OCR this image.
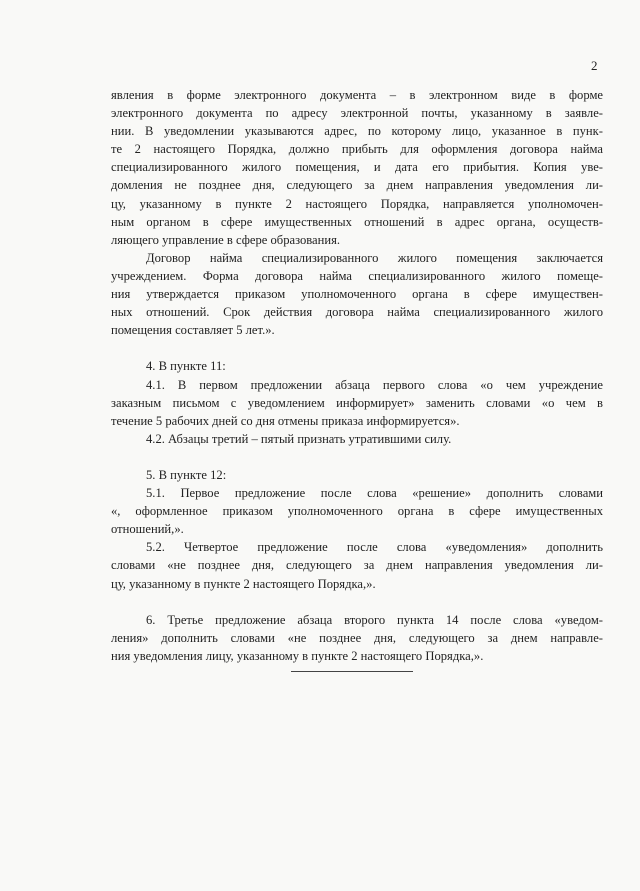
2
явления в форме электронного документа – в электронном виде в форме
электронного документа по адресу электронной почты, указанному в заявле-
нии. В уведомлении указываются адрес, по которому лицо, указанное в пунк-
те 2 настоящего Порядка, должно прибыть для оформления договора найма
специализированного жилого помещения, и дата его прибытия. Копия уве-
домления не позднее дня, следующего за днем направления уведомления ли-
цу, указанному в пункте 2 настоящего Порядка, направляется уполномочен-
ным органом в сфере имущественных отношений в адрес органа, осуществ-
ляющего управление в сфере образования.
Договор найма специализированного жилого помещения заключается
учреждением. Форма договора найма специализированного жилого помеще-
ния утверждается приказом уполномоченного органа в сфере имуществен-
ных отношений. Срок действия договора найма специализированного жилого
помещения составляет 5 лет.».
4. В пункте 11:
4.1. В первом предложении абзаца первого слова «о чем учреждение
заказным письмом с уведомлением информирует» заменить словами «о чем в
течение 5 рабочих дней со дня отмены приказа информируется».
4.2. Абзацы третий – пятый признать утратившими силу.
5. В пункте 12:
5.1. Первое предложение после слова «решение» дополнить словами
«, оформленное приказом уполномоченного органа в сфере имущественных
отношений,».
5.2. Четвертое предложение после слова «уведомления» дополнить
словами «не позднее дня, следующего за днем направления уведомления ли-
цу, указанному в пункте 2 настоящего Порядка,».
6. Третье предложение абзаца второго пункта 14 после слова «уведом-
ления» дополнить словами «не позднее дня, следующего за днем направле-
ния уведомления лицу, указанному в пункте 2 настоящего Порядка,».
